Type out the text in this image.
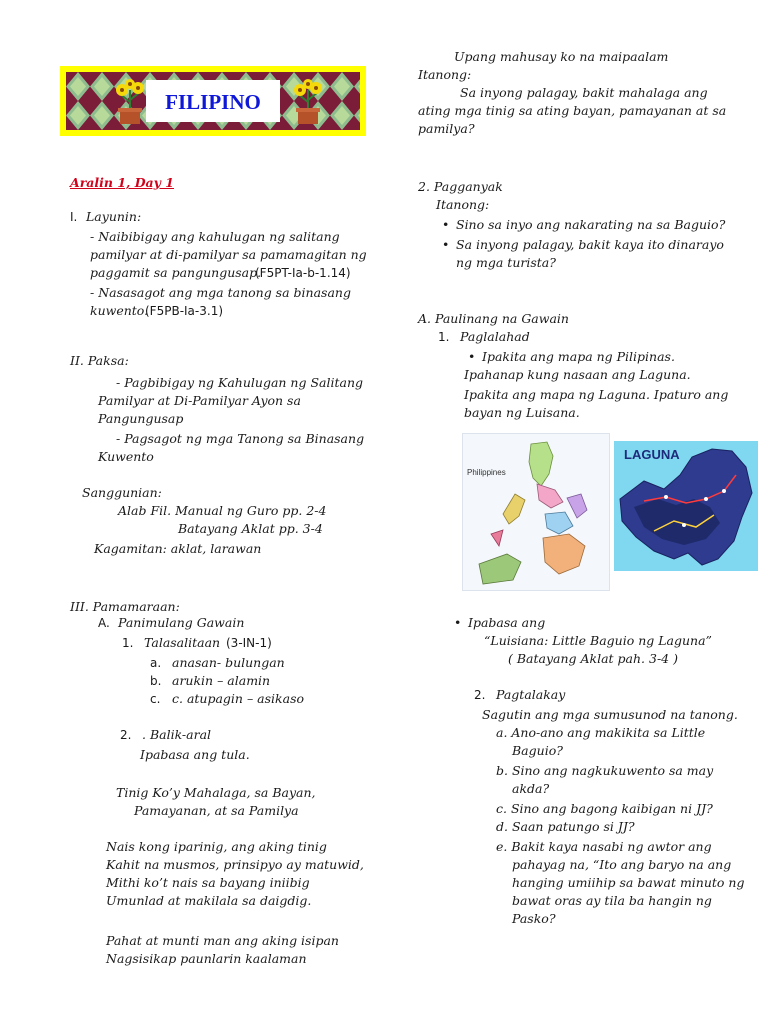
FILIPINO
Aralin 1, Day 1
I. Layunin:
- Naibibigay ang kahulugan ng salitang
pamilyar at di-pamilyar sa pamamagitan ng
paggamit sa pangungusap.
(F5PT-Ia-b-1.14)
- Nasasagot ang mga tanong sa binasang
kuwento.
(F5PB-Ia-3.1)
II. Paksa:
- Pagbibigay ng Kahulugan ng Salitang
Pamilyar at Di-Pamilyar Ayon sa
Pangungusap
- Pagsagot ng mga Tanong sa Binasang
Kuwento
Sanggunian:
Alab Fil. Manual ng Guro pp. 2-4
Batayang Aklat pp. 3-4
Kagamitan: aklat, larawan
III. Pamamaraan:
A. Panimulang Gawain
1. Talasalitaan (3-IN-1)
a. anasan- bulungan
b. arukin – alamin
c. c. atupagin – asikaso
2. . Balik-aral
Ipabasa ang tula.
Tinig Ko’y Mahalaga, sa Bayan,
Pamayanan, at sa Pamilya
Nais kong iparinig, ang aking tinig
Kahit na musmos, prinsipyo ay matuwid,
Mithi ko’t nais sa bayang iniibig
Umunlad at makilala sa daigdig.
Pahat at munti man ang aking isipan
Nagsisikap paunlarin kaalaman
Upang mahusay ko na maipaalam
Itanong:
Sa inyong palagay, bakit mahalaga ang
ating mga tinig sa ating bayan, pamayanan at sa
pamilya?
2. Pagganyak
Itanong:
• Sino sa inyo ang nakarating na sa Baguio?
• Sa inyong palagay, bakit kaya ito dinarayo
ng mga turista?
A. Paulinang na Gawain
1. Paglalahad
• Ipakita ang mapa ng Pilipinas.
Ipahanap kung nasaan ang Laguna.
Ipakita ang mapa ng Laguna. Ipaturo ang
bayan ng Luisana.
Philippines
LAGUNA
• Ipabasa ang
“Luisiana: Little Baguio ng Laguna”
( Batayang Aklat pah. 3-4 )
2. Pagtalakay
Sagutin ang mga sumusunod na tanong.
a. Ano-ano ang makikita sa Little
Baguio?
b. Sino ang nagkukuwento sa may
akda?
c. Sino ang bagong kaibigan ni JJ?
d. Saan patungo si JJ?
e. Bakit kaya nasabi ng awtor ang
pahayag na, “Ito ang baryo na ang
hanging umiihip sa bawat minuto ng
bawat oras ay tila ba hangin ng
Pasko?
